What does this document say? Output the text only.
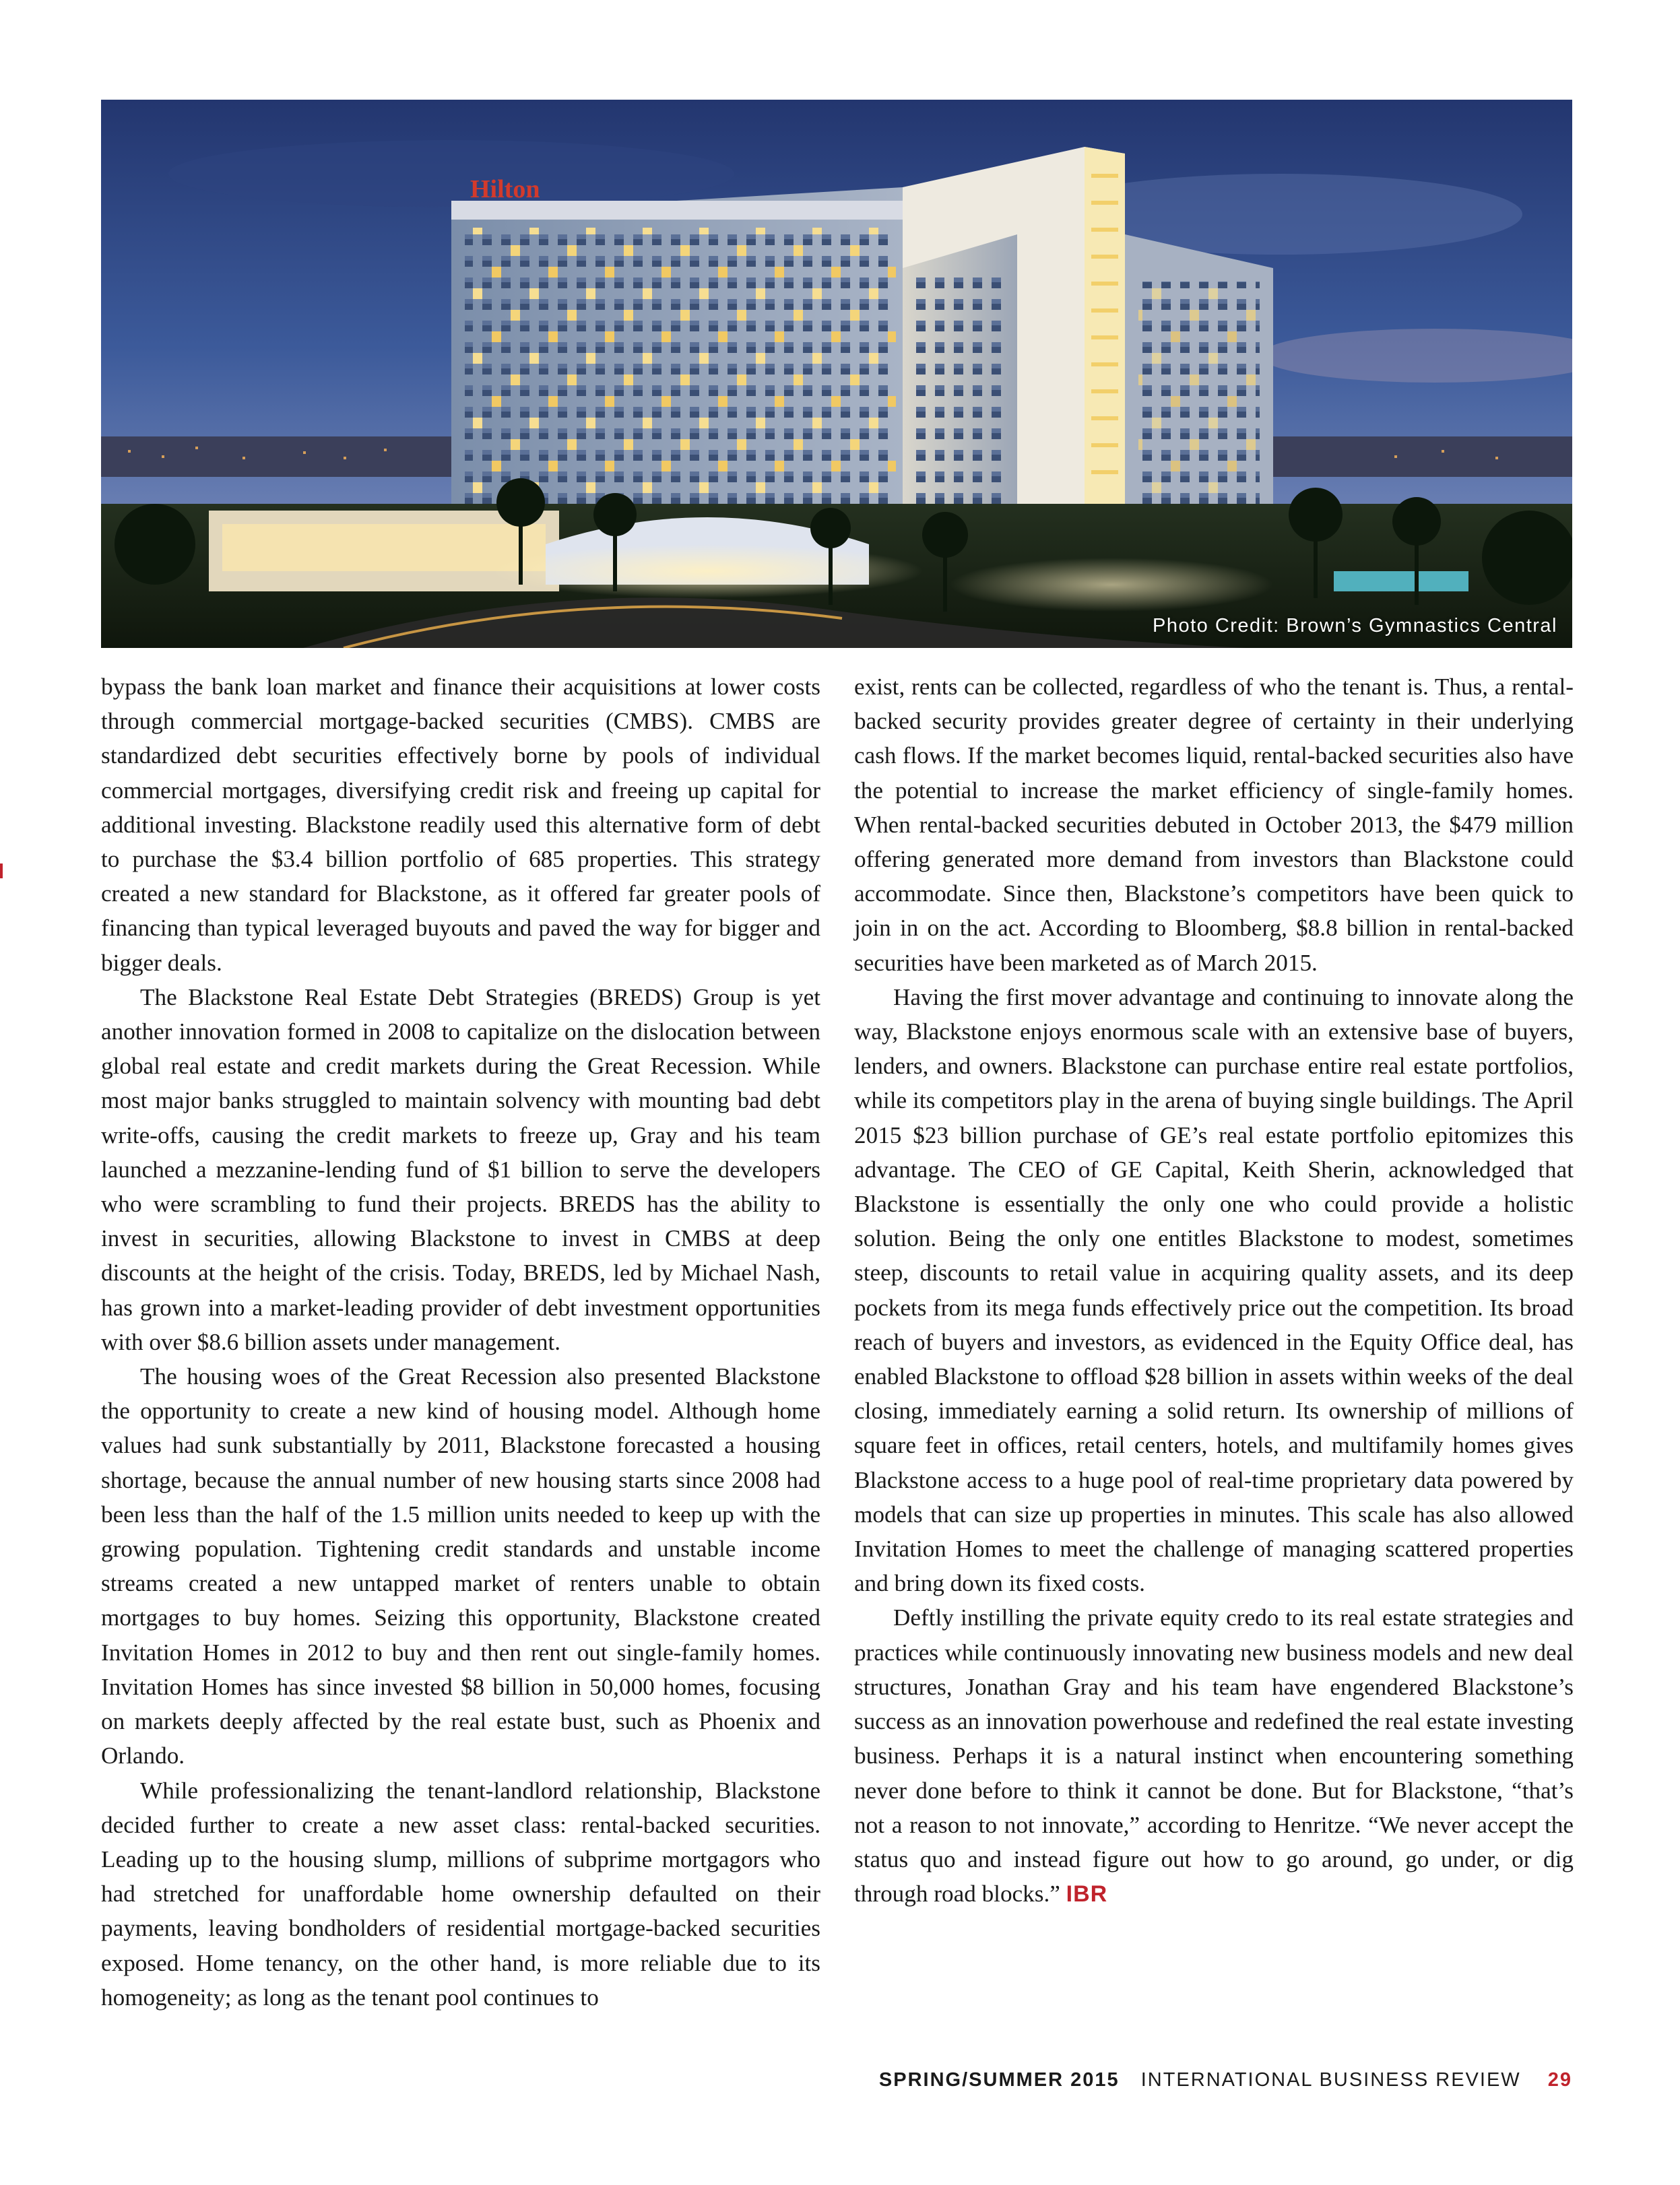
Hilton
Photo Credit: Brown’s Gymnastics Central

bypass the bank loan market and finance their acquisitions at lower costs through commercial mortgage-backed securities (CMBS). CMBS are standardized debt securities effectively borne by pools of individual commercial mortgages, diversifying credit risk and freeing up capital for additional investing. Blackstone readily used this alternative form of debt to purchase the $3.4 billion portfolio of 685 properties. This strategy created a new standard for Blackstone, as it offered far greater pools of financing than typical leveraged buyouts and paved the way for bigger and bigger deals.

The Blackstone Real Estate Debt Strategies (BREDS) Group is yet another innovation formed in 2008 to capitalize on the dislocation between global real estate and credit markets during the Great Recession. While most major banks struggled to maintain solvency with mounting bad debt write-offs, causing the credit markets to freeze up, Gray and his team launched a mezzanine-lending fund of $1 billion to serve the developers who were scrambling to fund their projects. BREDS has the ability to invest in securities, allowing Blackstone to invest in CMBS at deep discounts at the height of the crisis. Today, BREDS, led by Michael Nash, has grown into a market-leading provider of debt investment opportunities with over $8.6 billion assets under management.

The housing woes of the Great Recession also presented Blackstone the opportunity to create a new kind of housing model. Although home values had sunk substantially by 2011, Blackstone forecasted a housing shortage, because the annual number of new housing starts since 2008 had been less than the half of the 1.5 million units needed to keep up with the growing population. Tightening credit standards and unstable income streams created a new untapped market of renters unable to obtain mortgages to buy homes. Seizing this opportunity, Blackstone created Invitation Homes in 2012 to buy and then rent out single-family homes. Invitation Homes has since invested $8 billion in 50,000 homes, focusing on markets deeply affected by the real estate bust, such as Phoenix and Orlando.

While professionalizing the tenant-landlord relationship, Blackstone decided further to create a new asset class: rental-backed securities. Leading up to the housing slump, millions of subprime mortgagors who had stretched for unaffordable home ownership defaulted on their payments, leaving bondholders of residential mortgage-backed securities exposed. Home tenancy, on the other hand, is more reliable due to its homogeneity; as long as the tenant pool continues to

exist, rents can be collected, regardless of who the tenant is. Thus, a rental-backed security provides greater degree of certainty in their underlying cash flows. If the market becomes liquid, rental-backed securities also have the potential to increase the market efficiency of single-family homes. When rental-backed securities debuted in October 2013, the $479 million offering generated more demand from investors than Blackstone could accommodate. Since then, Blackstone’s competitors have been quick to join in on the act. According to Bloomberg, $8.8 billion in rental-backed securities have been marketed as of March 2015.

Having the first mover advantage and continuing to innovate along the way, Blackstone enjoys enormous scale with an extensive base of buyers, lenders, and owners. Blackstone can purchase entire real estate portfolios, while its competitors play in the arena of buying single buildings. The April 2015 $23 billion purchase of GE’s real estate portfolio epitomizes this advantage. The CEO of GE Capital, Keith Sherin, acknowledged that Blackstone is essentially the only one who could provide a holistic solution. Being the only one entitles Blackstone to modest, sometimes steep, discounts to retail value in acquiring quality assets, and its deep pockets from its mega funds effectively price out the competition. Its broad reach of buyers and investors, as evidenced in the Equity Office deal, has enabled Blackstone to offload $28 billion in assets within weeks of the deal closing, immediately earning a solid return. Its ownership of millions of square feet in offices, retail centers, hotels, and multifamily homes gives Blackstone access to a huge pool of real-time proprietary data powered by models that can size up properties in minutes. This scale has also allowed Invitation Homes to meet the challenge of managing scattered properties and bring down its fixed costs.

Deftly instilling the private equity credo to its real estate strategies and practices while continuously innovating new business models and new deal structures, Jonathan Gray and his team have engendered Blackstone’s success as an innovation powerhouse and redefined the real estate investing business. Perhaps it is a natural instinct when encountering something never done before to think it cannot be done. But for Blackstone, “that’s not a reason to not innovate,” according to Henritze. “We never accept the status quo and instead figure out how to go around, go under, or dig through road blocks.” IBR

SPRING/SUMMER 2015 INTERNATIONAL BUSINESS REVIEW 29
